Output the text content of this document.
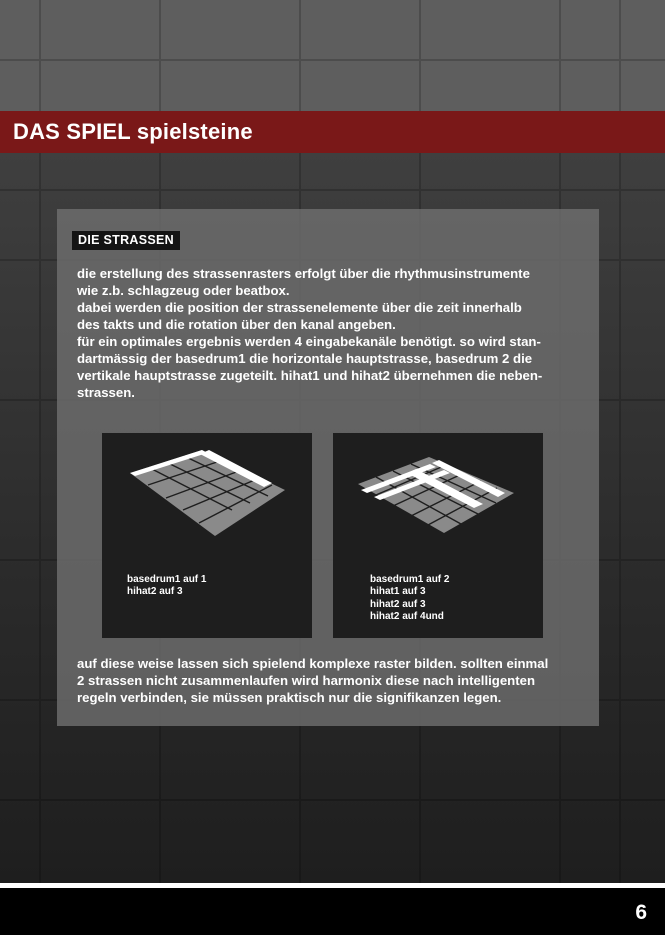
DAS SPIEL spielsteine
DIE STRASSEN

die erstellung des strassenrasters erfolgt über die rhythmusinstrumente

wie z.b. schlagzeug oder beatbox.

dabei werden die position der strassenelemente über die zeit innerhalb

des takts und die rotation über den kanal angeben.

für ein optimales ergebnis werden 4 eingabekanäle benötigt. so wird stan-

dartmässig der basedrum1 die horizontale hauptstrasse, basedrum 2 die

vertikale hauptstrasse zugeteilt. hihat1 und hihat2 übernehmen die neben-

strassen.

basedrum1 auf 1
hihat2 auf 3
basedrum1 auf 2
hihat1 auf 3
hihat2 auf 3
hihat2 auf 4und

auf diese weise lassen sich spielend komplexe raster bilden. sollten einmal

2 strassen nicht zusammenlaufen wird harmonix diese nach intelligenten

regeln verbinden, sie müssen praktisch nur die signifikanzen legen.

6
